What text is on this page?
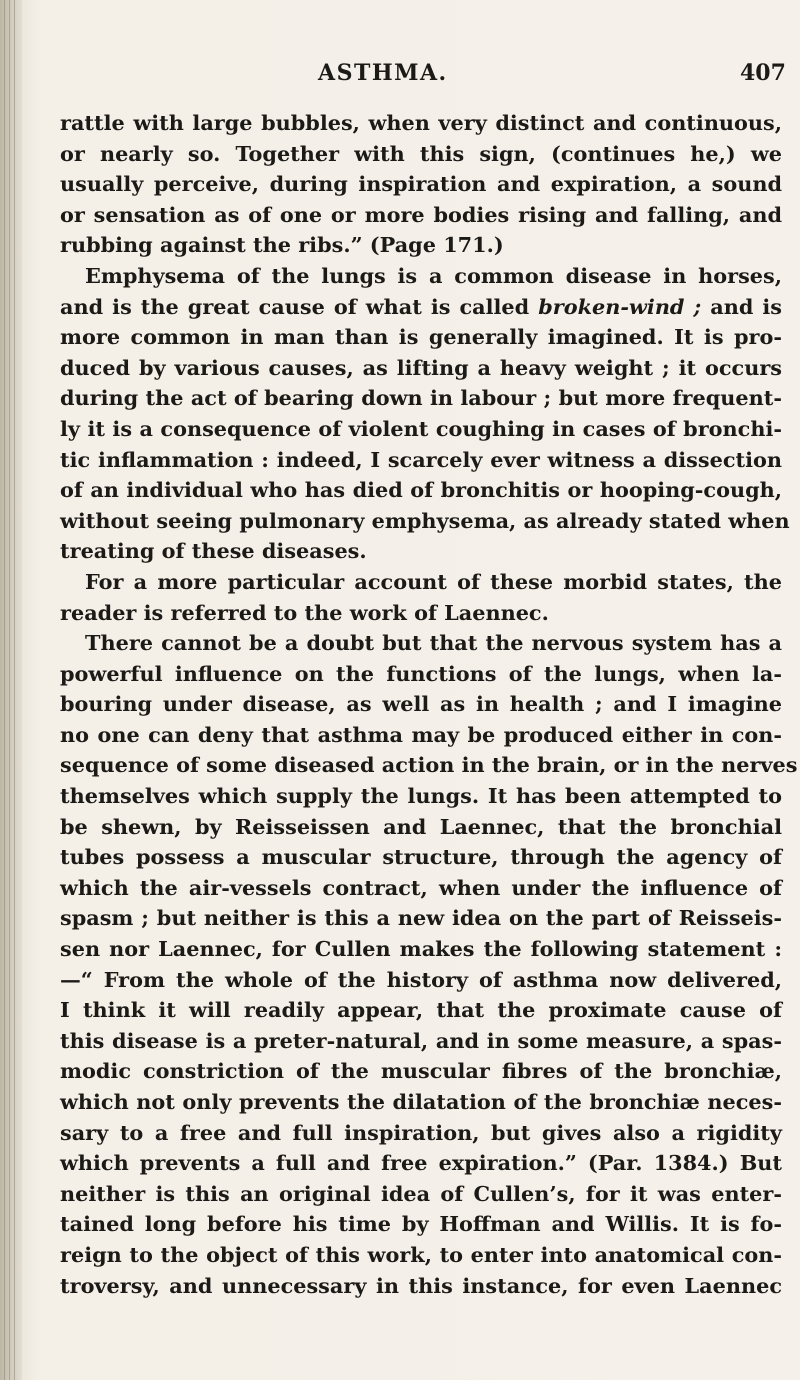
ASTHMA.	407
rattle with large bubbles, when very distinct and continuous,
or nearly so. Together with this sign, (continues he,) we
usually perceive, during inspiration and expiration, a sound
or sensation as of one or more bodies rising and falling, and
rubbing against the ribs.” (Page 171.)
Emphysema of the lungs is a common disease in horses,
and is the great cause of what is called broken-wind ; and is
more common in man than is generally imagined. It is pro-
duced by various causes, as lifting a heavy weight ; it occurs
during the act of bearing down in labour ; but more frequent-
ly it is a consequence of violent coughing in cases of bronchi-
tic inflammation : indeed, I scarcely ever witness a dissection
of an individual who has died of bronchitis or hooping-cough,
without seeing pulmonary emphysema, as already stated when
treating of these diseases.
For a more particular account of these morbid states, the
reader is referred to the work of Laennec.
There cannot be a doubt but that the nervous system has a
powerful influence on the functions of the lungs, when la-
bouring under disease, as well as in health ; and I imagine
no one can deny that asthma may be produced either in con-
sequence of some diseased action in the brain, or in the nerves
themselves which supply the lungs. It has been attempted to
be shewn, by Reisseissen and Laennec, that the bronchial
tubes possess a muscular structure, through the agency of
which the air-vessels contract, when under the influence of
spasm ; but neither is this a new idea on the part of Reisseis-
sen nor Laennec, for Cullen makes the following statement :
—“ From the whole of the history of asthma now delivered,
I think it will readily appear, that the proximate cause of
this disease is a preter-natural, and in some measure, a spas-
modic constriction of the muscular fibres of the bronchiæ,
which not only prevents the dilatation of the bronchiæ neces-
sary to a free and full inspiration, but gives also a rigidity
which prevents a full and free expiration.” (Par. 1384.) But
neither is this an original idea of Cullen’s, for it was enter-
tained long before his time by Hoffman and Willis. It is fo-
reign to the object of this work, to enter into anatomical con-
troversy, and unnecessary in this instance, for even Laennec
